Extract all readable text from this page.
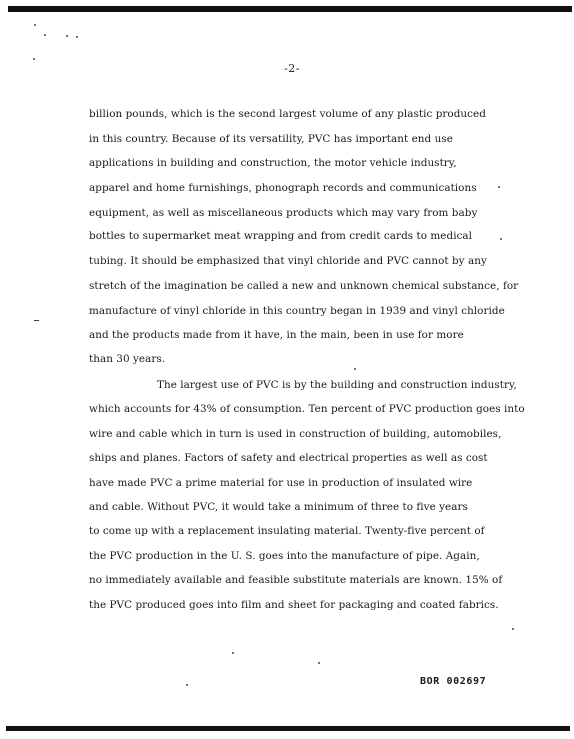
-2-
billion pounds, which is the second largest volume of any plastic produced
in this country. Because of its versatility, PVC has important end use
applications in building and construction, the motor vehicle industry,
apparel and home furnishings, phonograph records and communications
equipment, as well as miscellaneous products which may vary from baby
bottles to supermarket meat wrapping and from credit cards to medical
tubing. It should be emphasized that vinyl chloride and PVC cannot by any
stretch of the imagination be called a new and unknown chemical substance, for
manufacture of vinyl chloride in this country began in 1939 and vinyl chloride
and the products made from it have, in the main, been in use for more
than 30 years.
The largest use of PVC is by the building and construction industry,
which accounts for 43% of consumption. Ten percent of PVC production goes into
wire and cable which in turn is used in construction of building, automobiles,
ships and planes. Factors of safety and electrical properties as well as cost
have made PVC a prime material for use in production of insulated wire
and cable. Without PVC, it would take a minimum of three to five years
to come up with a replacement insulating material. Twenty-five percent of
the PVC production in the U. S. goes into the manufacture of pipe. Again,
no immediately available and feasible substitute materials are known. 15% of
the PVC produced goes into film and sheet for packaging and coated fabrics.
BOR 002697
